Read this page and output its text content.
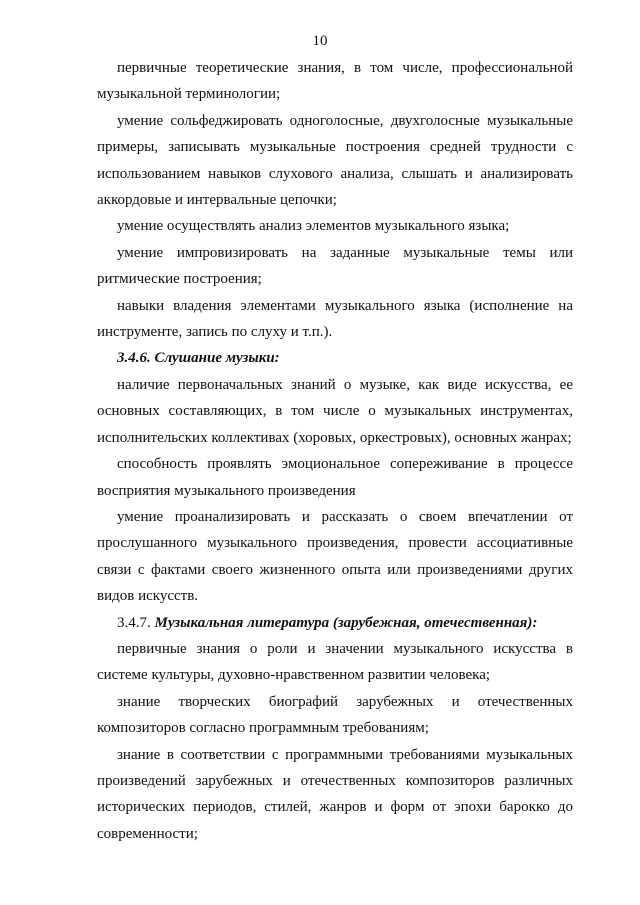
10

первичные теоретические знания, в том числе, профессиональной музыкальной терминологии;

умение сольфеджировать одноголосные, двухголосные музыкальные примеры, записывать музыкальные построения средней трудности с использованием навыков слухового анализа, слышать и анализировать аккордовые и интервальные цепочки;

умение осуществлять анализ элементов музыкального языка;

умение импровизировать на заданные музыкальные темы или ритмические построения;

навыки владения элементами музыкального языка (исполнение на инструменте, запись по слуху и т.п.).

3.4.6. Слушание музыки:

наличие первоначальных знаний о музыке, как виде искусства, ее основных составляющих, в том числе о музыкальных инструментах, исполнительских коллективах (хоровых, оркестровых), основных жанрах;

способность проявлять эмоциональное сопереживание в процессе восприятия музыкального произведения

умение проанализировать и рассказать о своем впечатлении от прослушанного музыкального произведения, провести ассоциативные связи с фактами своего жизненного опыта или произведениями других видов искусств.

3.4.7. Музыкальная литература (зарубежная, отечественная):

первичные знания о роли и значении музыкального искусства в системе культуры, духовно-нравственном развитии человека;

знание творческих биографий зарубежных и отечественных композиторов согласно программным требованиям;

знание в соответствии с программными требованиями музыкальных произведений зарубежных и отечественных композиторов различных исторических периодов, стилей, жанров и форм от эпохи барокко до современности;
